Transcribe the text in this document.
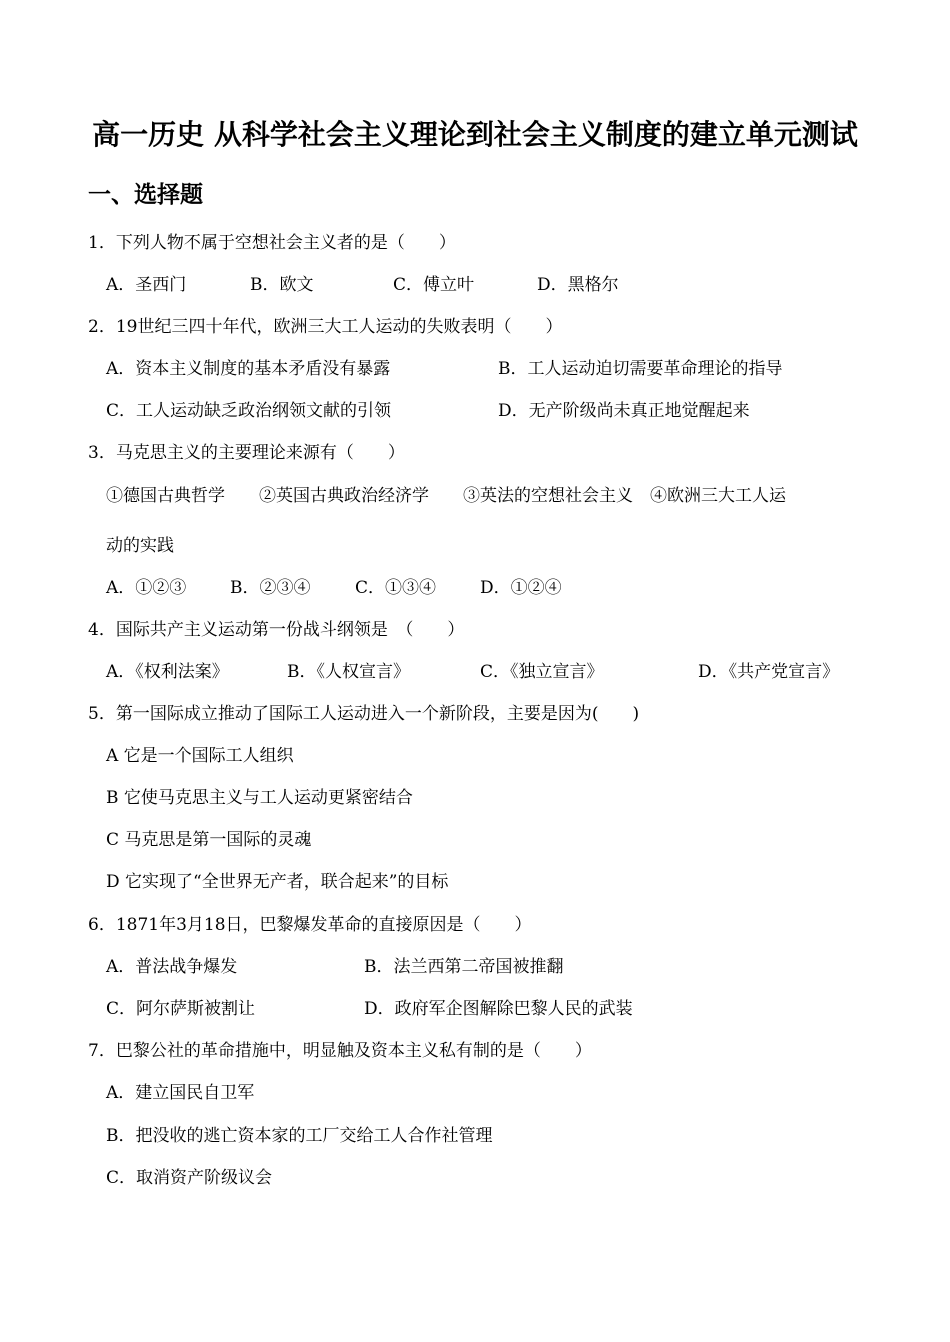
高一历史 从科学社会主义理论到社会主义制度的建立单元测试
一、选择题

1．下列人物不属于空想社会主义者的是（　　）

A．圣西门	B．欧文	C．傅立叶	D．黑格尔

2．19世纪三四十年代，欧洲三大工人运动的失败表明（　　）

A．资本主义制度的基本矛盾没有暴露	B．工人运动迫切需要革命理论的指导

C．工人运动缺乏政治纲领文献的引领	D．无产阶级尚未真正地觉醒起来

3．马克思主义的主要理论来源有（　　）

①德国古典哲学　　②英国古典政治经济学　　③英法的空想社会主义　④欧洲三大工人运

动的实践

A．①②③	B．②③④	C．①③④	D．①②④

4．国际共产主义运动第一份战斗纲领是　（　　）

A．《权利法案》	B．《人权宣言》	C．《独立宣言》	D．《共产党宣言》

5．第一国际成立推动了国际工人运动进入一个新阶段，主要是因为(　　)

A 它是一个国际工人组织

B 它使马克思主义与工人运动更紧密结合

C 马克思是第一国际的灵魂

D 它实现了“全世界无产者，联合起来”的目标

6．1871年3月18日，巴黎爆发革命的直接原因是（　　）

A．普法战争爆发	B．法兰西第二帝国被推翻

C．阿尔萨斯被割让	D．政府军企图解除巴黎人民的武装

7．巴黎公社的革命措施中，明显触及资本主义私有制的是（　　）

A．建立国民自卫军

B．把没收的逃亡资本家的工厂交给工人合作社管理

C．取消资产阶级议会
